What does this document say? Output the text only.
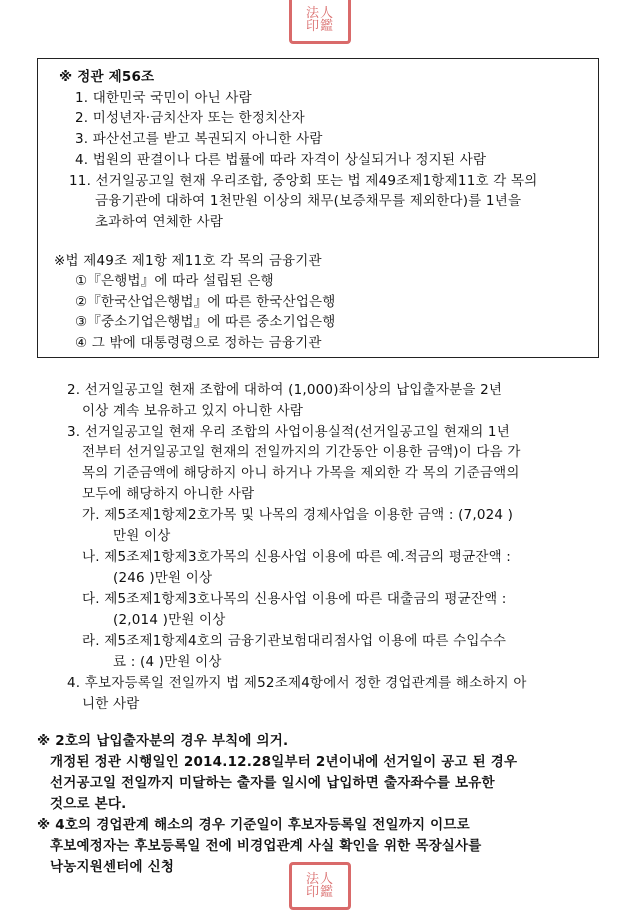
法人
印鑑
※ 정관 제56조
1. 대한민국 국민이 아닌 사람
2. 미성년자·금치산자 또는 한정치산자
3. 파산선고를 받고 복권되지 아니한 사람
4. 법원의 판결이나 다른 법률에 따라 자격이 상실되거나 정지된 사람
11. 선거일공고일 현재 우리조합, 중앙회 또는 법 제49조제1항제11호 각 목의
금융기관에 대하여 1천만원 이상의 채무(보증채무를 제외한다)를 1년을
초과하여 연체한 사람
※법 제49조 제1항 제11호 각 목의 금융기관
①『은행법』에 따라 설립된 은행
②『한국산업은행법』에 따른 한국산업은행
③『중소기업은행법』에 따른 중소기업은행
④ 그 밖에 대통령령으로 정하는 금융기관
2. 선거일공고일 현재 조합에 대하여 (1,000)좌이상의 납입출자분을 2년
이상 계속 보유하고 있지 아니한 사람
3. 선거일공고일 현재 우리 조합의 사업이용실적(선거일공고일 현재의 1년
전부터 선거일공고일 현재의 전일까지의 기간동안 이용한 금액)이 다음 가
목의 기준금액에 해당하지 아니 하거나 가목을 제외한 각 목의 기준금액의
모두에 해당하지 아니한 사람
가. 제5조제1항제2호가목 및 나목의 경제사업을 이용한 금액 : (7,024 )
만원 이상
나. 제5조제1항제3호가목의 신용사업 이용에 따른 예.적금의 평균잔액 :
(246 )만원 이상
다. 제5조제1항제3호나목의 신용사업 이용에 따른 대출금의 평균잔액 :
(2,014 )만원 이상
라. 제5조제1항제4호의 금융기관보험대리점사업 이용에 따른 수입수수
료 : (4 )만원 이상
4. 후보자등록일 전일까지 법 제52조제4항에서 정한 경업관계를 해소하지 아
니한 사람
※ 2호의 납입출자분의 경우 부칙에 의거.
개정된 정관 시행일인 2014.12.28일부터 2년이내에 선거일이 공고 된 경우
선거공고일 전일까지 미달하는 출자를 일시에 납입하면 출자좌수를 보유한
것으로 본다.
※ 4호의 경업관계 해소의 경우 기준일이 후보자등록일 전일까지 이므로
후보예정자는 후보등록일 전에 비경업관계 사실 확인을 위한 목장실사를
낙농지원센터에 신청
法人
印鑑
